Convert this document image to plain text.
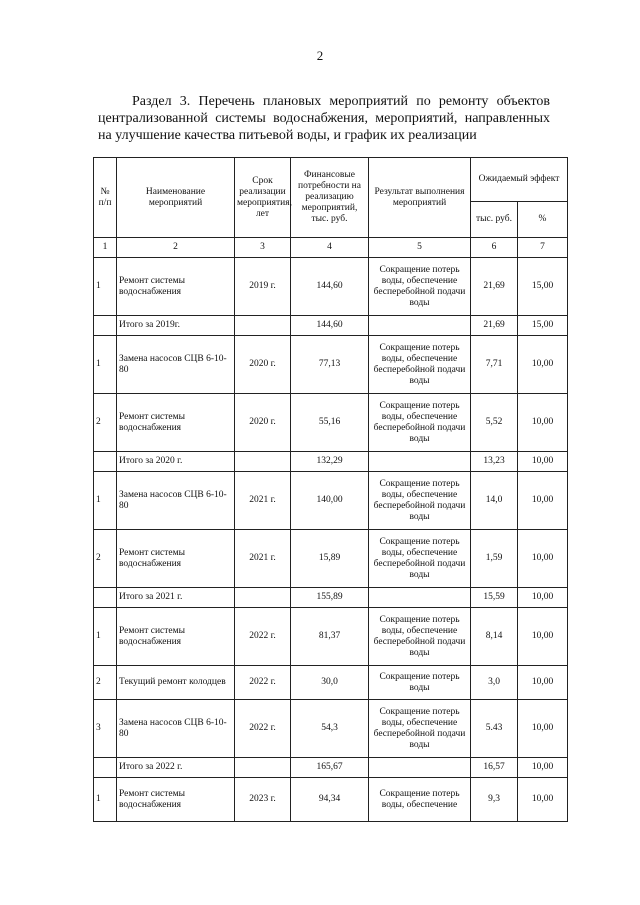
2
Раздел 3. Перечень плановых мероприятий по ремонту объектов
централизованной системы водоснабжения, мероприятий, направленных
на улучшение качества питьевой воды, и график их реализации
№ п/п	Наименование мероприятий	Срок реализации мероприятия, лет	Финансовые потребности на реализацию мероприятий, тыс. руб.	Результат выполнения мероприятий	Ожидаемый эффект	
					тыс. руб.	%
1	2	3	4	5	6	7
1	Ремонт системы водоснабжения	2019 г.	144,60	Сокращение потерь воды, обеспечение бесперебойной подачи воды	21,69	15,00
	Итого за 2019г.		144,60		21,69	15,00
1	Замена насосов СЦВ 6-10-80	2020 г.	77,13	Сокращение потерь воды, обеспечение бесперебойной подачи воды	7,71	10,00
2	Ремонт системы водоснабжения	2020 г.	55,16	Сокращение потерь воды, обеспечение бесперебойной подачи воды	5,52	10,00
	Итого за 2020 г.		132,29		13,23	10,00
1	Замена насосов СЦВ 6-10-80	2021 г.	140,00	Сокращение потерь воды, обеспечение бесперебойной подачи воды	14,0	10,00
2	Ремонт системы водоснабжения	2021 г.	15,89	Сокращение потерь воды, обеспечение бесперебойной подачи воды	1,59	10,00
	Итого за 2021 г.		155,89		15,59	10,00
1	Ремонт системы водоснабжения	2022 г.	81,37	Сокращение потерь воды, обеспечение бесперебойной подачи воды	8,14	10,00
2	Текущий ремонт колодцев	2022 г.	30,0	Сокращение потерь воды	3,0	10,00
3	Замена насосов СЦВ 6-10-80	2022 г.	54,3	Сокращение потерь воды, обеспечение бесперебойной подачи воды	5.43	10,00
	Итого за 2022 г.		165,67		16,57	10,00
1	Ремонт системы водоснабжения	2023 г.	94,34	Сокращение потерь воды, обеспечение	9,3	10,00
